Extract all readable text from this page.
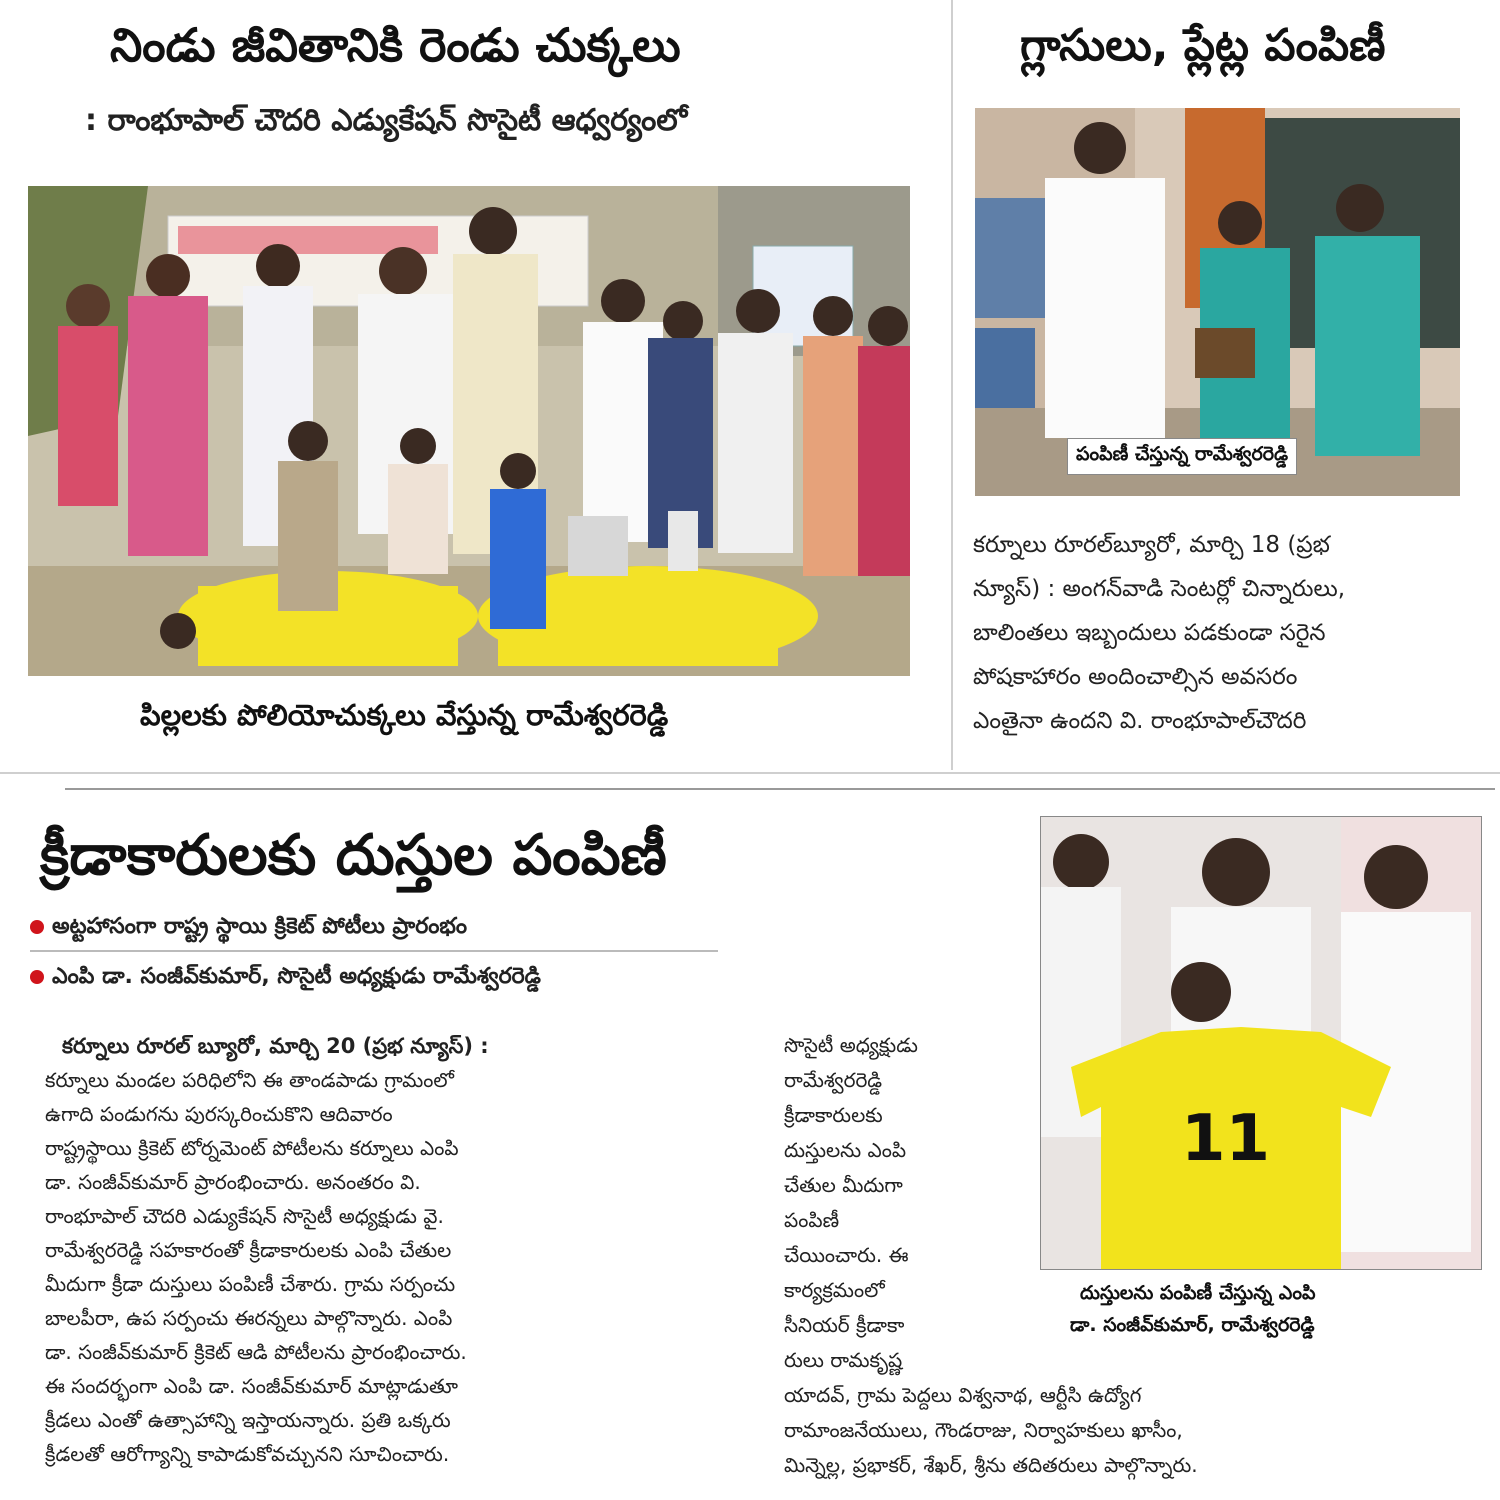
నిండు జీవితానికి రెండు చుక్కలు
: రాంభూపాల్ చౌదరి ఎడ్యుకేషన్ సొసైటీ ఆధ్వర్యంలో
పిల్లలకు పోలియోచుక్కలు వేస్తున్న రామేశ్వరరెడ్డి
గ్లాసులు, ప్లేట్ల పంపిణీ
పంపిణీ చేస్తున్న రామేశ్వరరెడ్డి
కర్నూలు రూరల్‌బ్యూరో, మార్చి 18 (ప్రభ
న్యూస్) : అంగన్‌వాడి సెంటర్లో చిన్నారులు,
బాలింతలు ఇబ్బందులు పడకుండా సరైన
పోషకాహారం అందించాల్సిన అవసరం
ఎంతైనా ఉందని వి. రాంభూపాల్‌చౌదరి
క్రీడాకారులకు దుస్తుల పంపిణీ
అట్టహాసంగా రాష్ట్ర స్థాయి క్రికెట్ పోటీలు ప్రారంభం
ఎంపి డా. సంజీవ్‌కుమార్, సొసైటీ అధ్యక్షుడు రామేశ్వరరెడ్డి
కర్నూలు రూరల్ బ్యూరో, మార్చి 20 (ప్రభ న్యూస్) :
కర్నూలు మండల పరిధిలోని ఈ తాండపాడు గ్రామంలో
ఉగాది పండుగను పురస్కరించుకొని ఆదివారం
రాష్ట్రస్థాయి క్రికెట్ టోర్నమెంట్ పోటీలను కర్నూలు ఎంపి
డా. సంజీవ్‌కుమార్ ప్రారంభించారు. అనంతరం వి.
రాంభూపాల్ చౌదరి ఎడ్యుకేషన్ సొసైటీ అధ్యక్షుడు వై.
రామేశ్వరరెడ్డి సహకారంతో క్రీడాకారులకు ఎంపి చేతుల
మీదుగా క్రీడా దుస్తులు పంపిణీ చేశారు. గ్రామ సర్పంచు
బాలపీరా, ఉప సర్పంచు ఈరన్నలు పాల్గొన్నారు. ఎంపి
డా. సంజీవ్‌కుమార్ క్రికెట్ ఆడి పోటీలను ప్రారంభించారు.
ఈ సందర్భంగా ఎంపి డా. సంజీవ్‌కుమార్ మాట్లాడుతూ
క్రీడలు ఎంతో ఉత్సాహాన్ని ఇస్తాయన్నారు. ప్రతి ఒక్కరు
క్రీడలతో ఆరోగ్యాన్ని కాపాడుకోవచ్చునని సూచించారు.
సొసైటీ అధ్యక్షుడు
రామేశ్వరరెడ్డి
క్రీడాకారులకు
దుస్తులను ఎంపి
చేతుల మీదుగా
పంపిణీ
చేయించారు. ఈ
కార్యక్రమంలో
సీనియర్ క్రీడాకా
రులు రామకృష్ణ
యాదవ్, గ్రామ పెద్దలు విశ్వనాథ, ఆర్టీసి ఉద్యోగ
రామాంజనేయులు, గౌండరాజు, నిర్వాహకులు ఖాసీం,
మిన్నెల్ల, ప్రభాకర్, శేఖర్, శ్రీను తదితరులు పాల్గొన్నారు.
11
దుస్తులను పంపిణీ చేస్తున్న ఎంపి
డా. సంజీవ్‌కుమార్, రామేశ్వరరెడ్డి
